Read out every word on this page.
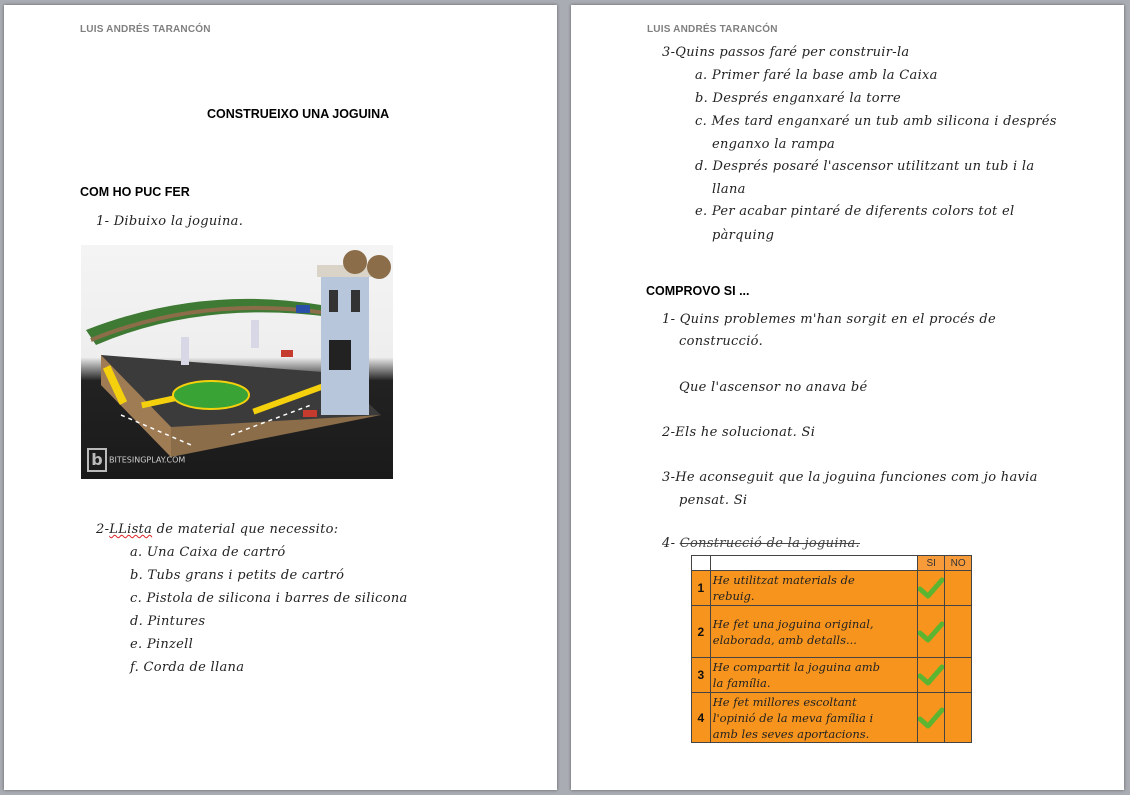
LUIS ANDRÉS TARANCÓN
CONSTRUEIXO UNA JOGUINA
COM HO PUC FER
1- Dibuixo la joguina.
b BITESINGPLAY.COM
2-LLista de material que necessito:
a. Una Caixa de cartró
b. Tubs grans i petits de cartró
c. Pistola de silicona i barres de silicona
d. Pintures
e. Pinzell
f. Corda de llana
LUIS ANDRÉS TARANCÓN
3-Quins passos faré per construir-la
a. Primer faré la base amb la Caixa
b. Després enganxaré la torre
c. Mes tard enganxaré un tub amb silicona i després
enganxo la rampa
d. Després posaré l'ascensor utilitzant un tub i la
llana
e. Per acabar pintaré de diferents colors tot el
pàrquing
COMPROVO SI ...
1- Quins problemes m'han sorgit en el procés de
construcció.
Que l'ascensor no anava bé
2-Els he solucionat. Si
3-He aconseguit que la joguina funciones com jo havia
pensat. Si
4- Construcció de la joguina.
		SI	NO
1	He utilitzat materials de
rebuig.

2	He fet una joguina original,
elaborada, amb detalls...

3	He compartit la joguina amb
la família.

4	He fet millores escoltant
l'opinió de la meva família i
amb les seves aportacions.
